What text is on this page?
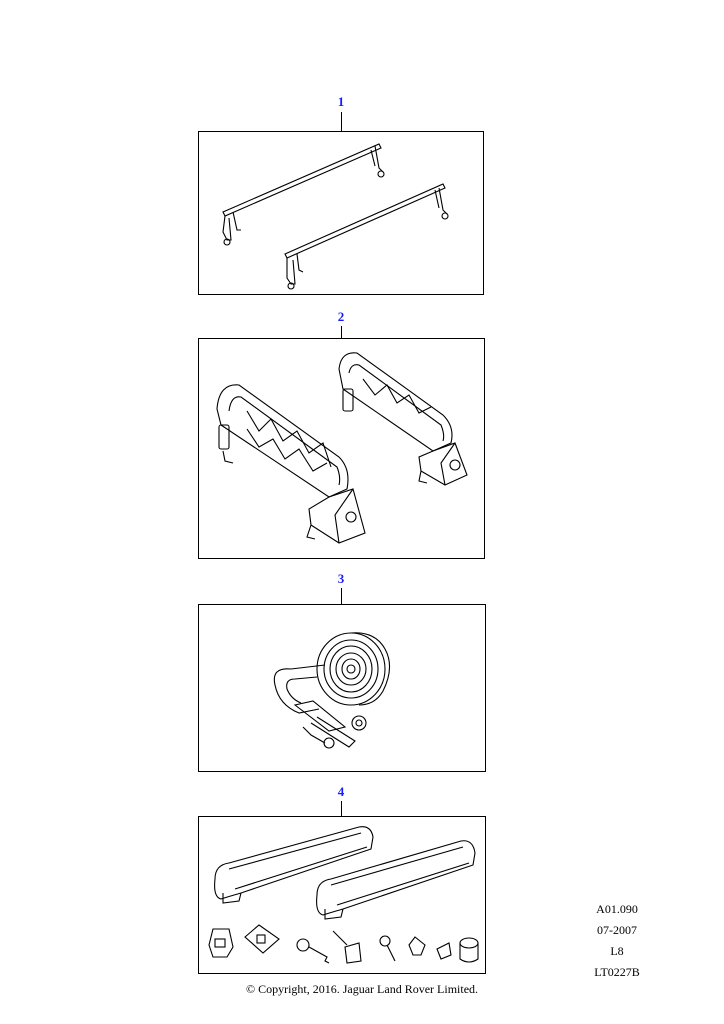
1
2
3
4
A01.090
07-2007
L8
LT0227B
© Copyright, 2016. Jaguar Land Rover Limited.
